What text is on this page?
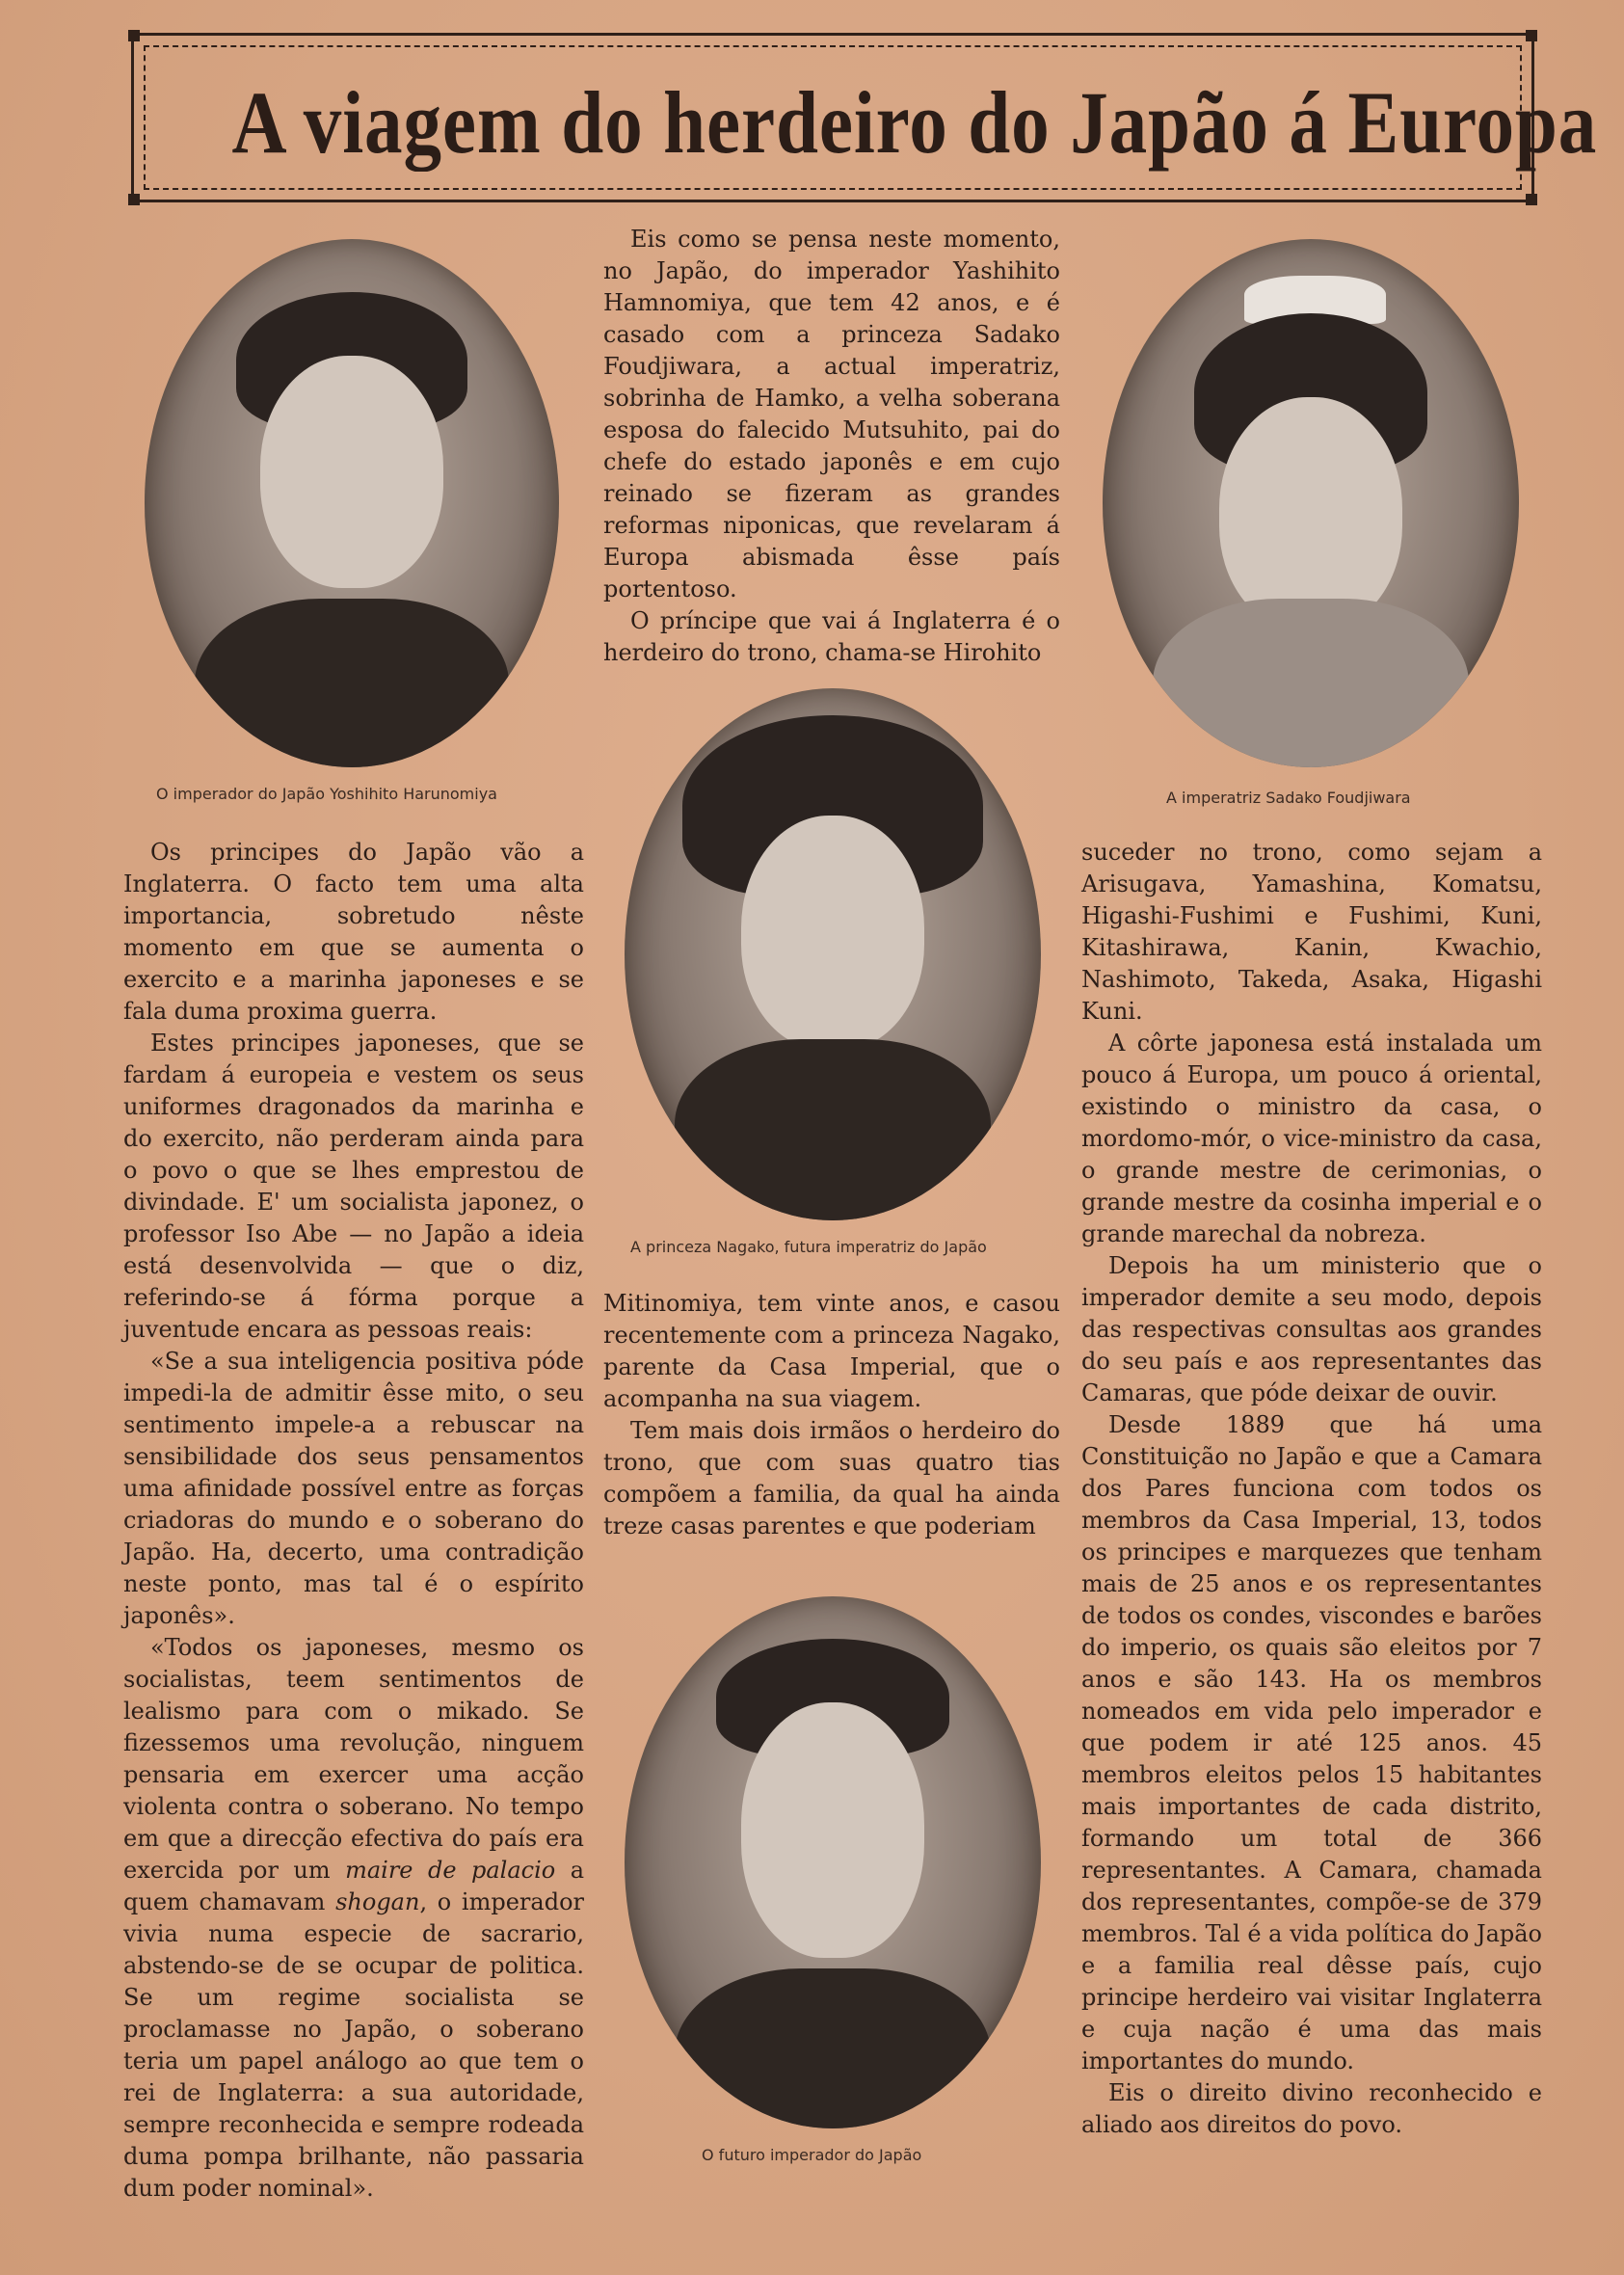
A viagem do herdeiro do Japão á Europa
O imperador do Japão Yoshihito Harunomiya	A imperatriz Sadako Foudjiwara
A princeza Nagako, futura imperatriz do Japão
O futuro imperador do Japão

Eis como se pensa neste momento, no Japão, do imperador Yashihito Hamnomiya, que tem 42 anos, e é casado com a princeza Sadako Foudjiwara, a actual imperatriz, sobrinha de Hamko, a velha soberana esposa do falecido Mutsuhito, pai do chefe do estado japonês e em cujo reinado se fizeram as grandes reformas niponicas, que revelaram á Europa abismada êsse país portentoso.

O príncipe que vai á Inglaterra é o herdeiro do trono, chama-se Hirohito

Os principes do Japão vão a Inglaterra. O facto tem uma alta importancia, sobretudo nêste momento em que se aumenta o exercito e a marinha japoneses e se fala duma proxima guerra.

Estes principes japoneses, que se fardam á europeia e vestem os seus uniformes dragonados da marinha e do exercito, não perderam ainda para o povo o que se lhes emprestou de divindade. E' um socialista japonez, o professor Iso Abe — no Japão a ideia está desenvolvida — que o diz, referindo-se á fórma porque a juventude encara as pessoas reais:

«Se a sua inteligencia positiva póde impedi-la de admitir êsse mito, o seu sentimento impele-a a rebuscar na sensibilidade dos seus pensamentos uma afinidade possível entre as forças criadoras do mundo e o soberano do Japão. Ha, decerto, uma contradição neste ponto, mas tal é o espírito japonês».

«Todos os japoneses, mesmo os socialistas, teem sentimentos de lealismo para com o mikado. Se fizessemos uma revolução, ninguem pensaria em exercer uma acção violenta contra o soberano. No tempo em que a direcção efectiva do país era exercida por um maire de palacio a quem chamavam shogan, o imperador vivia numa especie de sacrario, abstendo-se de se ocupar de politica. Se um regime socialista se proclamasse no Japão, o soberano teria um papel análogo ao que tem o rei de Inglaterra: a sua autoridade, sempre reconhecida e sempre rodeada duma pompa brilhante, não passaria dum poder nominal».

Mitinomiya, tem vinte anos, e casou recentemente com a princeza Nagako, parente da Casa Imperial, que o acompanha na sua viagem.

Tem mais dois irmãos o herdeiro do trono, que com suas quatro tias compõem a familia, da qual ha ainda treze casas parentes e que poderiam

suceder no trono, como sejam a Arisugava, Yamashina, Komatsu, Higashi-Fushimi e Fushimi, Kuni, Kitashirawa, Kanin, Kwachio, Nashimoto, Takeda, Asaka, Higashi Kuni.

A côrte japonesa está instalada um pouco á Europa, um pouco á oriental, existindo o ministro da casa, o mordomo-mór, o vice-ministro da casa, o grande mestre de cerimonias, o grande mestre da cosinha imperial e o grande marechal da nobreza.

Depois ha um ministerio que o imperador demite a seu modo, depois das respectivas consultas aos grandes do seu país e aos representantes das Camaras, que póde deixar de ouvir.

Desde 1889 que há uma Constituição no Japão e que a Camara dos Pares funciona com todos os membros da Casa Imperial, 13, todos os principes e marquezes que tenham mais de 25 anos e os representantes de todos os condes, viscondes e barões do imperio, os quais são eleitos por 7 anos e são 143. Ha os membros nomeados em vida pelo imperador e que podem ir até 125 anos. 45 membros eleitos pelos 15 habitantes mais importantes de cada distrito, formando um total de 366 representantes. A Camara, chamada dos representantes, compõe-se de 379 membros. Tal é a vida política do Japão e a familia real dêsse país, cujo principe herdeiro vai visitar Inglaterra e cuja nação é uma das mais importantes do mundo.

Eis o direito divino reconhecido e aliado aos direitos do povo.
